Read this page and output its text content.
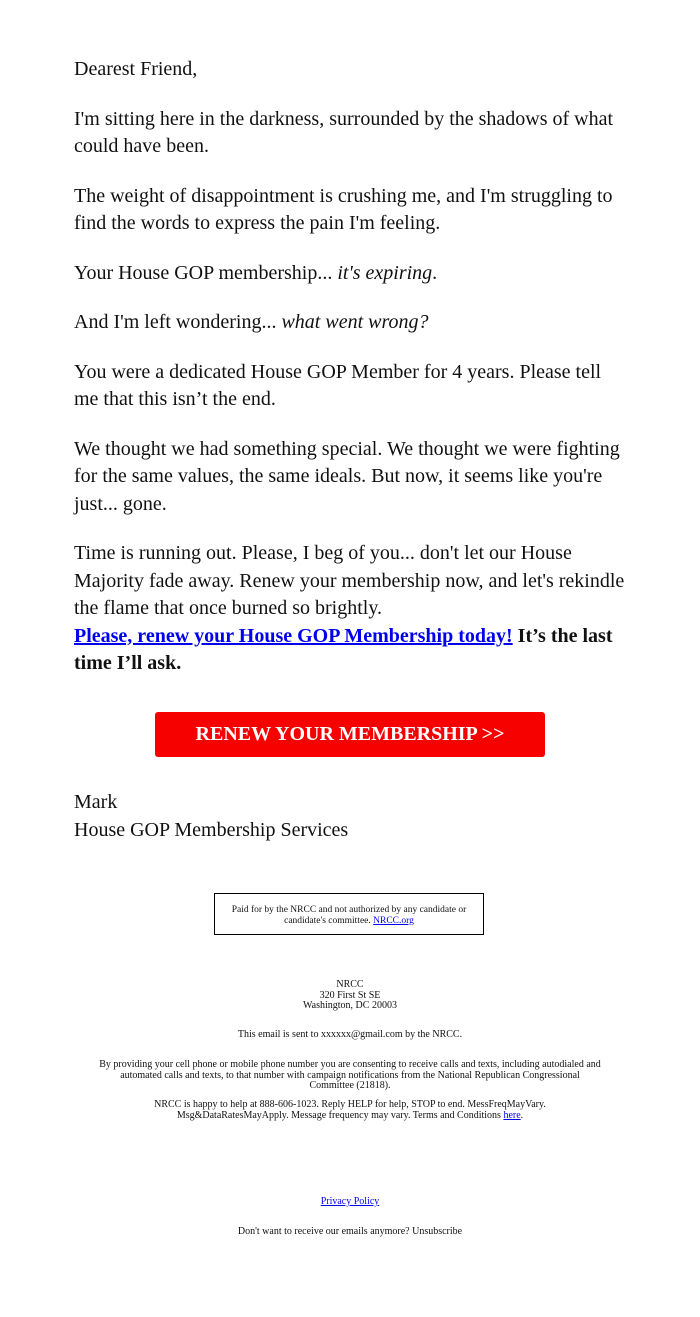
Dearest Friend,

I'm sitting here in the darkness, surrounded by the shadows of what could have been.

The weight of disappointment is crushing me, and I'm struggling to find the words to express the pain I'm feeling.

Your House GOP membership... it's expiring.

And I'm left wondering... what went wrong?

You were a dedicated House GOP Member for 4 years. Please tell me that this isn’t the end.

We thought we had something special. We thought we were fighting for the same values, the same ideals. But now, it seems like you're just... gone.

Time is running out. Please, I beg of you... don't let our House Majority fade away. Renew your membership now, and let's rekindle the flame that once burned so brightly.
Please, renew your House GOP Membership today! It’s the last time I’ll ask.

RENEW YOUR MEMBERSHIP >>
Mark
House GOP Membership Services
Paid for by the NRCC and not authorized by any candidate or candidate's committee. NRCC.org

NRCC

320 First St SE

Washington, DC 20003

This email is sent to xxxxxx@gmail.com by the NRCC.

By providing your cell phone or mobile phone number you are consenting to receive calls and texts, including autodialed and automated calls and texts, to that number with campaign notifications from the National Republican Congressional Committee (21818).

NRCC is happy to help at 888-606-1023. Reply HELP for help, STOP to end. MessFreqMayVary. Msg&DataRatesMayApply. Message frequency may vary. Terms and Conditions here.

Privacy Policy

Don't want to receive our emails anymore? Unsubscribe
